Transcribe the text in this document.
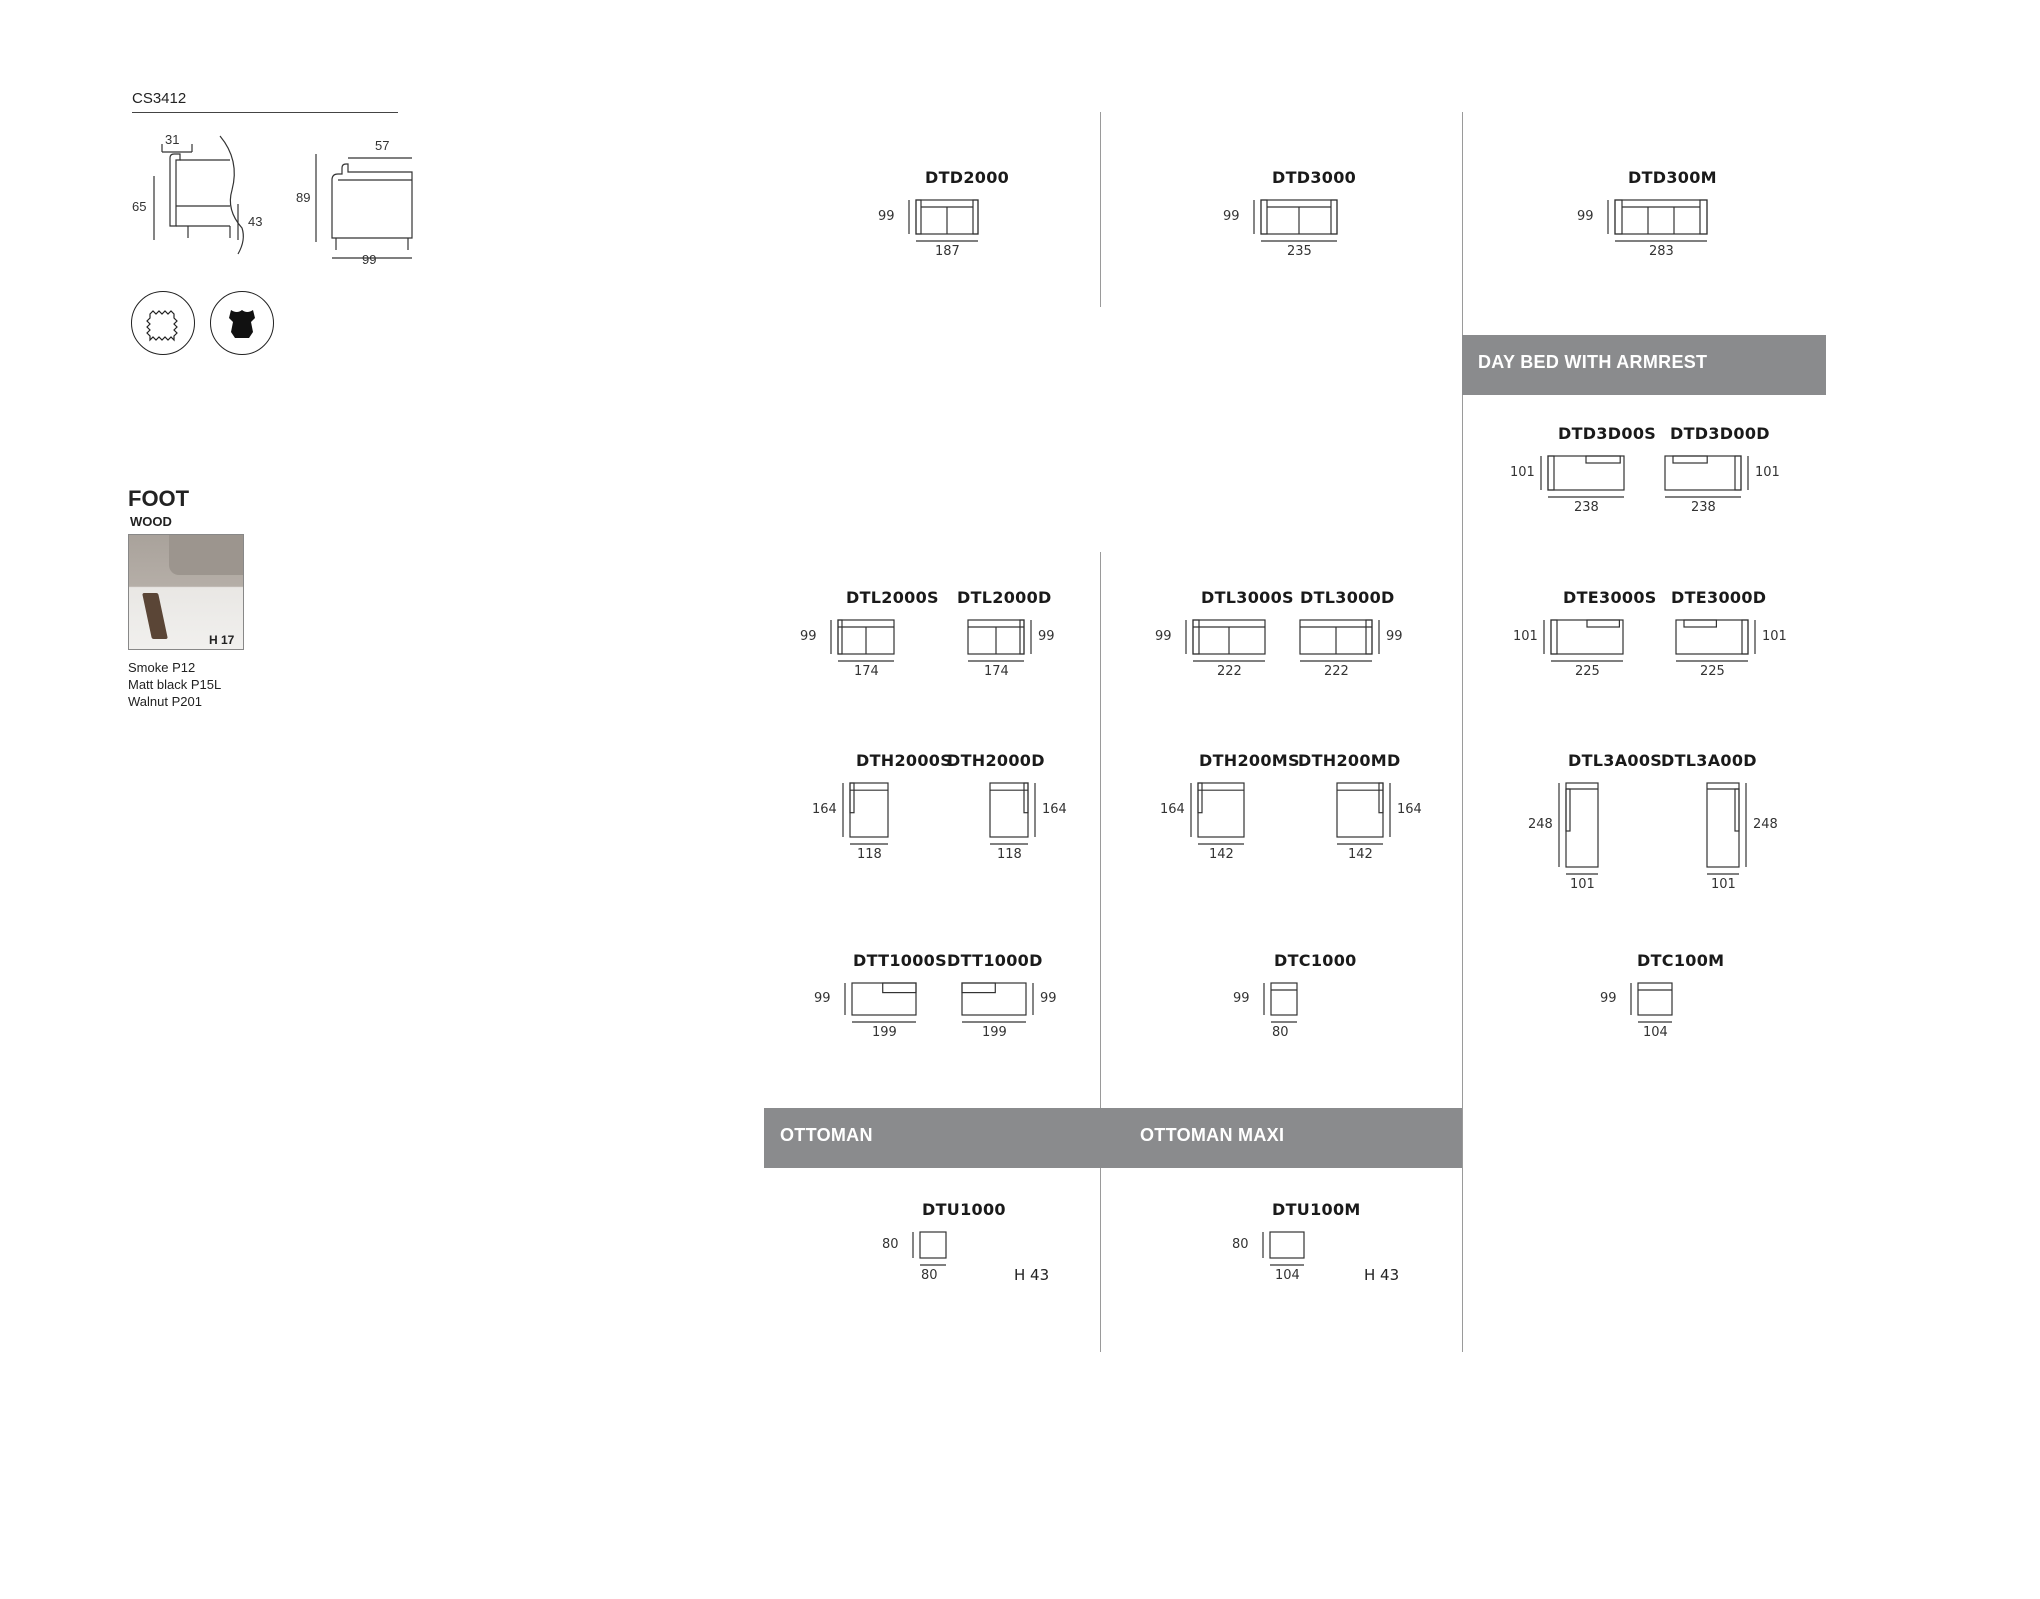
CS3412
31
65
43
57
89
99
FOOT
WOOD
H 17
Smoke P12
Matt black P15L
Walnut P201
DAY BED WITH ARMREST
OTTOMAN	OTTOMAN MAXI
DTD2000
187
99
DTD3000
235
99
DTD300M
283
99
DTD3D00S
238
101
DTD3D00D
238
101
DTL2000S
174
99
DTL2000D
174
99
DTL3000S
222
99
DTL3000D
222
99
DTE3000S
225
101
DTE3000D
225
101
DTH2000S
118
164
DTH2000D
118
164
DTH200MS
142
164
DTH200MD
142
164
DTL3A00S
101
248
DTL3A00D
101
248
DTT1000S
199
99
DTT1000D
199
99
DTC1000
80
99
DTC100M
104
99
DTU1000
80
80
H 43
DTU100M
104
80
H 43
